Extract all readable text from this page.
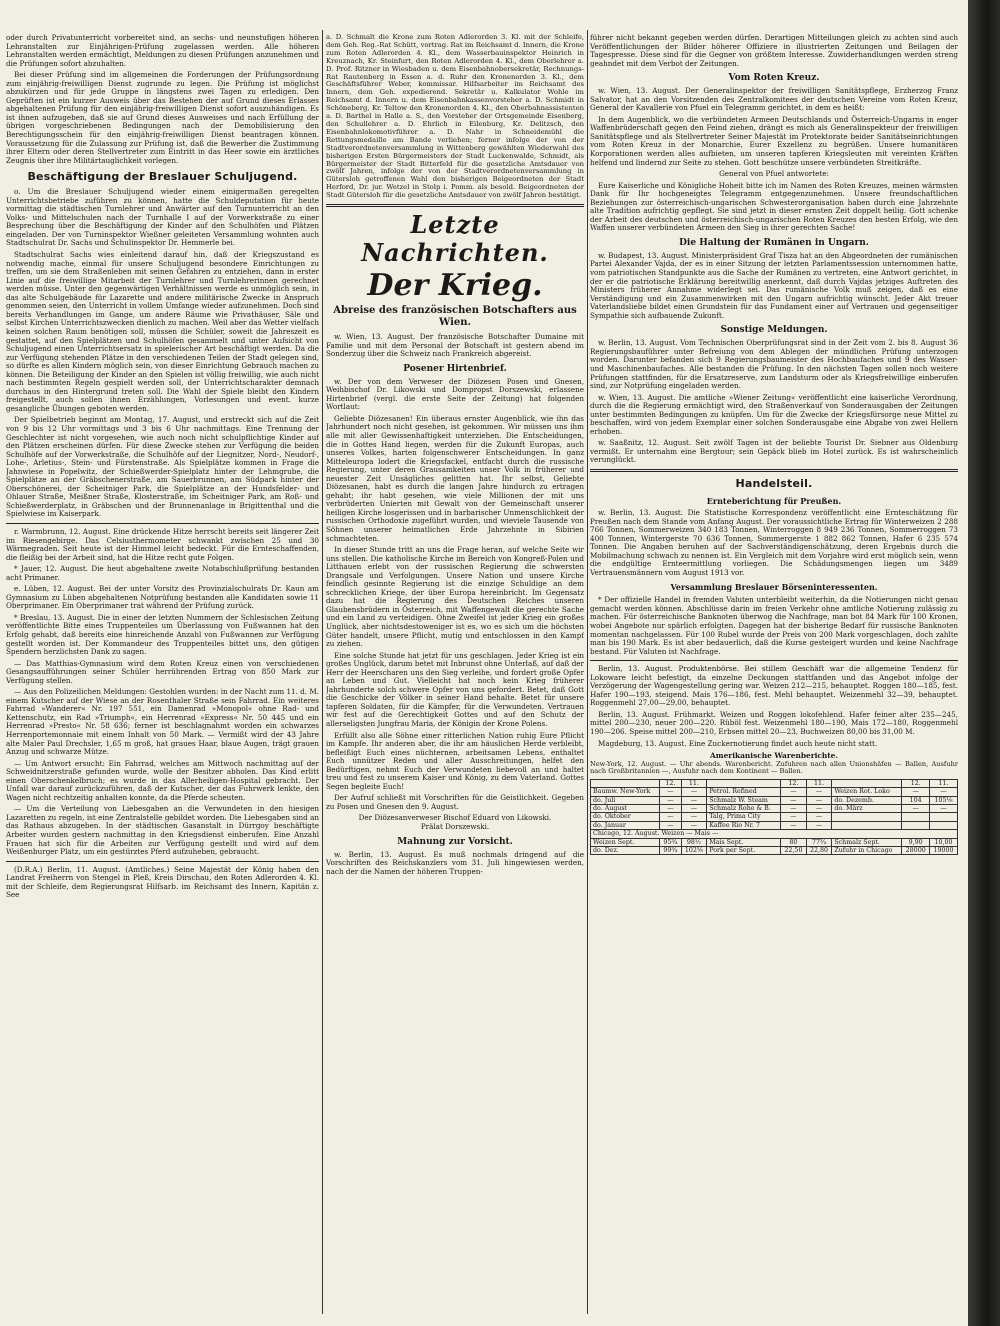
oder durch Privatunterricht vorbereitet sind, an sechs- und neunstufigen höheren Lehranstalten zur Einjährigen-Prüfung zugelassen werden. Alle höheren Lehranstalten werden ermächtigt, Meldungen zu diesen Prüfungen anzunehmen und die Prüfungen sofort abzuhalten.

Bei dieser Prüfung sind im allgemeinen die Forderungen der Prüfungsordnung zum einjährig-freiwilligen Dienst zugrunde zu legen. Die Prüfung ist möglichst abzukürzen und für jede Gruppe in längstens zwei Tagen zu erledigen. Den Geprüften ist ein kurzer Ausweis über das Bestehen der auf Grund dieses Erlasses abgehaltenen Prüfung für den einjährig-freiwilligen Dienst sofort auszuhändigen. Es ist ihnen aufzugeben, daß sie auf Grund dieses Ausweises und nach Erfüllung der übrigen vorgeschriebenen Bedingungen nach der Demobilisierung den Berechtigungsschein für den einjährig-freiwilligen Dienst beantragen können. Voraussetzung für die Zulassung zur Prüfung ist, daß die Bewerber die Zustimmung ihrer Eltern oder deren Stellvertreter zum Eintritt in das Heer sowie ein ärztliches Zeugnis über ihre Militärtauglichkeit vorlegen.

Beschäftigung der Breslauer Schuljugend.

o. Um die Breslauer Schuljugend wieder einem einigermaßen geregelten Unterrichtsbetriebe zuführen zu können, hatte die Schuldeputation für heute vormittag die städtischen Turnlehrer und Anwärter auf den Turnunterricht an den Volks- und Mittelschulen nach der Turnhalle I auf der Vorwerkstraße zu einer Besprechung über die Beschäftigung der Kinder auf den Schulhöfen und Plätzen eingeladen. Der von Turninspektor Wießner geleiteten Versammlung wohnten auch Stadtschulrat Dr. Sachs und Schulinspektor Dr. Hemmerle bei.

Stadtschulrat Sachs wies einleitend darauf hin, daß der Kriegszustand es notwendig mache, einmal für unsere Schuljugend besondere Einrichtungen zu treffen, um sie dem Straßenleben mit seinen Gefahren zu entziehen, dann in erster Linie auf die freiwillige Mitarbeit der Turnlehrer und Turnlehrerinnen gerechnet werden müsse. Unter den gegenwärtigen Verhältnissen werde es unmöglich sein, in das alte Schulgebäude für Lazarette und andere militärische Zwecke in Anspruch genommen seien, den Unterricht in vollem Umfange wieder aufzunehmen. Doch sind bereits Verhandlungen im Gange, um andere Räume wie Privathäuser, Säle und selbst Kirchen Unterrichtszwecken dienlich zu machen. Weil aber das Wetter vielfach keinen solchen Raum benötigen soll, müssen die Schüler, soweit die Jahreszeit es gestattet, auf den Spielplätzen und Schulhöfen gesammelt und unter Aufsicht von Schuljugend einen Unterrichtsersatz in spielerischer Art beschäftigt werden. Da die zur Verfügung stehenden Plätze in den verschiedenen Teilen der Stadt gelegen sind, so dürfte es allen Kindern möglich sein, von dieser Einrichtung Gebrauch machen zu können. Die Beteiligung der Kinder an den Spielen ist völlig freiwillig, wie auch nicht nach bestimmten Regeln gespielt werden soll, der Unterrichtscharakter demnach durchaus in den Hintergrund treten soll. Die Wahl der Spiele bleibt den Kindern freigestellt, auch sollen ihnen Erzählungen, Vorlesungen und event. kurze gesangliche Übungen geboten werden.

Der Spielbetrieb beginnt am Montag, 17. August, und erstreckt sich auf die Zeit von 9 bis 12 Uhr vormittags und 3 bis 6 Uhr nachmittags. Eine Trennung der Geschlechter ist nicht vorgesehen, wie auch noch nicht schulpflichtige Kinder auf den Plätzen erscheinen dürfen. Für diese Zwecke stehen zur Verfügung die beiden Schulhöfe auf der Vorwerkstraße, die Schulhöfe auf der Liegnitzer, Nord-, Neudorf-, Lohe-, Arletius-, Stein- und Fürstenstraße. Als Spielplätze kommen in Frage die Jahnwiese in Popelwitz, der Schießwerder-Spielplatz hinter der Lehmgrube, die Spielplätze an der Gräbschenerstraße, am Sauerbrunnen, am Südpark hinter der Oberschönerei, der Scheitniger Park, die Spielplätze an der Hundsfelder- und Ohlauer Straße, Meißner Straße, Klosterstraße, im Scheitniger Park, am Roß- und Schießwerderplatz, in Gräbschen und der Brunnenanlage in Brigittenthal und die Spielwiese im Kaiserpark.

r. Warmbrunn, 12. August. Eine drückende Hitze herrscht bereits seit längerer Zeit im Riesengebirge. Das Celsiusthermometer schwankt zwischen 25 und 30 Wärmegraden. Seit heute ist der Himmel leicht bedeckt. Für die Ernteschaffenden, die fleißig bei der Arbeit sind, hat die Hitze recht gute Folgen.

* Jauer, 12. August. Die heut abgehaltene zweite Notabschlußprüfung bestanden acht Primaner.

e. Lüben, 12. August. Bei der unter Vorsitz des Provinzialschulrats Dr. Kaun am Gymnasium zu Lüben abgehaltenen Notprüfung bestanden alle Kandidaten sowie 11 Oberprimaner. Ein Oberprimaner trat während der Prüfung zurück.

* Breslau, 13. August. Die in einer der letzten Nummern der Schlesischen Zeitung veröffentlichte Bitte eines Truppenteiles um Überlassung von Fußwannen hat den Erfolg gehabt, daß bereits eine hinreichende Anzahl von Fußwannen zur Verfügung gestellt worden ist. Der Kommandeur des Truppenteiles bittet uns, den gütigen Spendern herzlichsten Dank zu sagen.

— Das Matthias-Gymnasium wird dem Roten Kreuz einen von verschiedenen Gesangsaufführungen seiner Schüler herrührenden Ertrag von 850 Mark zur Verfügung stellen.

— Aus den Polizeilichen Meldungen: Gestohlen wurden: in der Nacht zum 11. d. M. einem Kutscher auf der Wiese an der Rosenthaler Straße sein Fahrrad. Ein weiteres Fahrrad »Wanderer« Nr. 197 551, ein Damenrad »Monopol« ohne Rad- und Kettenschutz, ein Rad »Triumph«, ein Herrenrad »Express« Nr. 50 445 und ein Herrenrad »Presto« Nr. 58 636; ferner ist beschlagnahmt worden ein schwarzes Herrenportemonnaie mit einem Inhalt von 50 Mark. — Vermißt wird der 43 Jahre alte Maler Paul Drechsler, 1,65 m groß, hat graues Haar, blaue Augen, trägt grauen Anzug und schwarze Mütze.

— Um Antwort ersucht: Ein Fahrrad, welches am Mittwoch nachmittag auf der Schweidnitzerstraße gefunden wurde, wolle der Besitzer abholen. Das Kind erlitt einen Oberschenkelbruch; es wurde in das Allerheiligen-Hospital gebracht. Der Unfall war darauf zurückzuführen, daß der Kutscher, der das Fuhrwerk lenkte, den Wagen nicht rechtzeitig anhalten konnte, da die Pferde scheuten.

— Um die Verteilung von Liebesgaben an die Verwundeten in den hiesigen Lazaretten zu regeln, ist eine Zentralstelle gebildet worden. Die Liebesgaben sind an das Rathaus abzugeben. In der städtischen Gasanstalt in Dürrgoy beschäftigte Arbeiter wurden gestern nachmittag in den Kriegsdienst einberufen. Eine Anzahl Frauen hat sich für die Arbeiten zur Verfügung gestellt und wird auf dem Weißenburger Platz, um ein gestürztes Pferd aufzuheben, gebraucht.

(D.R.A.) Berlin, 11. August. (Amtliches.) Seine Majestät der König haben den Landrat Freiherrn von Stengel in Pleß, Kreis Dirschau, den Roten Adlerorden 4. Kl. mit der Schleife, dem Regierungsrat Hilfsarb. im Reichsamt des Innern, Kapitän z. See

a. D. Schmalt die Krone zum Roten Adlerorden 3. Kl. mit der Schleife, dem Geh. Reg.-Rat Schütt, vortrag. Rat im Reichsamt d. Innern, die Krone zum Roten Adlerorden 4. Kl., dem Wasserbauinspektor Heinrich in Kreuznach, Kr. Steinfurt, den Roten Adlerorden 4. Kl., dem Oberlehrer a. D. Prof. Ritzner in Wiesbaden u. dem Eisenbahnobersekretär, Rechnungs-Rat Rautenberg in Essen a. d. Ruhr den Kronenorden 3. Kl., dem Geschäftsführer Weber, kommissar. Hilfsarbeiter im Reichsamt des Innern, dem Geh. expedierend. Sekretär u. Kalkulator Wohle im Reichsamt d. Innern u. dem Eisenbahnkassenvorsteher a. D. Schmidt in Schöneberg, Kr. Teltow den Kronenorden 4. Kl., den Oberbahnassistenten a. D. Barthel in Halle a. S., den Vorsteher der Ortsgemeinde Eisenberg, den Schullehrer a. D. Ehrlich in Eilenburg, Kr. Delitzsch, den Eisenbahnlokomotivführer a. D. Nahr in Schneidemühl die Rettungsmedaille am Bande verliehen; ferner infolge der von der Stadtverordnetenversammlung in Wittenberg gewählten Wiederwahl des bisherigen Ersten Bürgermeisters der Stadt Luckenwalde, Schmidt, als Bürgermeister der Stadt Bitterfeld für die gesetzliche Amtsdauer von zwölf Jahren, infolge der von der Stadtverordnetenversammlung in Gütersloh getroffenen Wahl den bisherigen Beigeordneten der Stadt Herford, Dr. jur. Wetzel in Stolp i. Pomm. als besold. Beigeordneten der Stadt Gütersloh für die gesetzliche Amtsdauer von zwölf Jahren bestätigt.

Letzte Nachrichten.
Der Krieg.
Abreise des französischen Botschafters aus Wien.

w. Wien, 13. August. Der französische Botschafter Dumaine mit Familie und mit dem Personal der Botschaft ist gestern abend im Sonderzug über die Schweiz nach Frankreich abgereist.

Posener Hirtenbrief.

w. Der von dem Verweser der Diözesen Posen und Gnesen, Weihbischof Dr. Likowski und Dompropst Dorszewski, erlassene Hirtenbrief (vergl. die erste Seite der Zeitung) hat folgenden Wortlaut:

Geliebte Diözesanen! Ein überaus ernster Augenblick, wie ihn das Jahrhundert noch nicht gesehen, ist gekommen. Wir müssen uns ihm alle mit aller Gewissenhaftigkeit unterziehen. Die Entscheidungen, die in Gottes Hand liegen, werden für die Zukunft Europas, auch unseres Volkes, harten folgenschwerer Entscheidungen. In ganz Mitteleuropa lodert die Kriegsfackel, entfacht durch die russische Regierung, unter deren Grausamkeiten unser Volk in früherer und neuester Zeit Unsägliches gelitten hat. Ihr selbst, Geliebte Diözesanen, habt es durch die langen Jahre hindurch zu ertragen gehabt; ihr habt gesehen, wie viele Millionen der mit uns verbrüderten Unierten mit Gewalt von der Gemeinschaft unserer heiligen Kirche losgerissen und in barbarischer Unmenschlichkeit der russischen Orthodoxie zugeführt wurden, und wieviele Tausende von Söhnen unserer heimatlichen Erde Jahrzehnte in Sibirien schmachteten.

In dieser Stunde tritt an uns die Frage heran, auf welche Seite wir uns stellen. Die katholische Kirche im Bereich von Kongreß-Polen und Litthauen erlebt von der russischen Regierung die schwersten Drangsale und Verfolgungen. Unsere Nation und unsere Kirche feindlich gesinnte Regierung ist die einzige Schuldige an dem schrecklichen Kriege, der über Europa hereinbricht. Im Gegensatz dazu hat die Regierung des Deutschen Reiches unseren Glaubensbrüdern in Österreich, mit Waffengewalt die gerechte Sache und ein Land zu verteidigen. Ohne Zweifel ist jeder Krieg ein großes Unglück, aber nichtsdestoweniger ist es, wo es sich um die höchsten Güter handelt, unsere Pflicht, mutig und entschlossen in den Kampf zu ziehen.

Eine solche Stunde hat jetzt für uns geschlagen. Jeder Krieg ist ein großes Unglück, darum betet mit Inbrunst ohne Unterlaß, auf daß der Herr der Heerscharen uns den Sieg verleihe, und fordert große Opfer an Leben und Gut. Vielleicht hat noch kein Krieg früherer Jahrhunderte solch schwere Opfer von uns gefordert. Betet, daß Gott die Geschicke der Völker in seiner Hand behalte. Betet für unsere tapferen Soldaten, für die Kämpfer, für die Verwundeten. Vertrauen wir fest auf die Gerechtigkeit Gottes und auf den Schutz der allerseligsten Jungfrau Maria, der Königin der Krone Polens.

Erfüllt also alle Söhne einer ritterlichen Nation ruhig Eure Pflicht im Kampfe. Ihr anderen aber, die ihr am häuslichen Herde verbleibt, befleißigt Euch eines nüchternen, arbeitsamen Lebens, enthaltet Euch unnützer Reden und aller Ausschreitungen, helfet den Bedürftigen, nehmt Euch der Verwundeten liebevoll an und haltet treu und fest zu unserem Kaiser und König, zu dem Vaterland. Gottes Segen begleite Euch!

Der Aufruf schließt mit Vorschriften für die Geistlichkeit. Gegeben zu Posen und Gnesen den 9. August.

Der Diözesanverweser Bischof Eduard von Likowski.
Prälat Dorszewski.

Mahnung zur Vorsicht.

w. Berlin, 13. August. Es muß nochmals dringend auf die Vorschriften des Reichskanzlers vom 31. Juli hingewiesen werden, nach der die Namen der höheren Truppen-

führer nicht bekannt gegeben werden dürfen. Derartigen Mitteilungen gleich zu achten sind auch Veröffentlichungen der Bilder höherer Offiziere in illustrierten Zeitungen und Beilagen der Tagespresse. Diese sind für die Gegner von größtem Interesse. Zuwiderhandlungen werden streng geahndet mit dem Verbot der Zeitungen.

Vom Roten Kreuz.

w. Wien, 13. August. Der Generalinspektor der freiwilligen Sanitätspflege, Erzherzog Franz Salvator, hat an den Vorsitzenden des Zentralkomitees der deutschen Vereine vom Roten Kreuz, General der Kavallerie von Pfuel ein Telegramm gerichtet, in dem es heißt:

In dem Augenblick, wo die verbündeten Armeen Deutschlands und Österreich-Ungarns in enger Waffenbrüderschaft gegen den Feind ziehen, drängt es mich als Generalinspekteur der freiwilligen Sanitätspflege und als Stellvertreter Seiner Majestät im Protektorate beider Sanitätseinrichtungen vom Roten Kreuz in der Monarchie, Eurer Exzellenz zu begrüßen. Unsere humanitären Korporationen werden alles aufbieten, um unseren tapferen Kriegsleuten mit vereinten Kräften helfend und lindernd zur Seite zu stehen. Gott beschütze unsere verbündeten Streitkräfte.

General von Pfuel antwortete:

Eure Kaiserliche und Königliche Hoheit bitte ich im Namen des Roten Kreuzes, meinen wärmsten Dank für Ihr hochgeneigtes Telegramm entgegenzunehmen. Unsere freundschaftlichen Beziehungen zur österreichisch-ungarischen Schwesterorganisation haben durch eine Jahrzehnte alte Tradition aufrichtig gepflegt. Sie sind jetzt in dieser ernsten Zeit doppelt heilig. Gott schenke der Arbeit des deutschen und österreichisch-ungarischen Roten Kreuzes den besten Erfolg, wie den Waffen unserer verbündeten Armeen den Sieg in ihrer gerechten Sache!

Die Haltung der Rumänen in Ungarn.

w. Budapest, 13. August. Ministerpräsident Graf Tisza hat an den Abgeordneten der rumänischen Partei Alexander Vajda, der es in einer Sitzung der letzten Parlamentssession unternommen hatte, vom patriotischen Standpunkte aus die Sache der Rumänen zu vertreten, eine Antwort gerichtet, in der er die patriotische Erklärung bereitwillig anerkennt, daß durch Vajdas jetziges Auftreten des Ministers früherer Annahme widerlegt sei. Das rumänische Volk muß zeigen, daß es eine Verständigung und ein Zusammenwirken mit den Ungarn aufrichtig wünscht. Jeder Akt treuer Vaterlandsliebe bildet einen Grundstein für das Fundament einer auf Vertrauen und gegenseitiger Sympathie sich aufbauende Zukunft.

Sonstige Meldungen.

w. Berlin, 13. August. Vom Technischen Oberprüfungsrat sind in der Zeit vom 2. bis 8. August 36 Regierungsbauführer unter Befreiung von dem Ablegen der mündlichen Prüfung unterzogen worden. Darunter befanden sich 9 Regierungsbaumeister des Hochbaufaches und 9 des Wasser- und Maschinenbaufaches. Alle bestanden die Prüfung. In den nächsten Tagen sollen noch weitere Prüfungen stattfinden, für die Ersatzreserve, zum Landsturm oder als Kriegsfreiwillige einberufen sind, zur Notprüfung eingeladen werden.

w. Wien, 13. August. Die amtliche »Wiener Zeitung« veröffentlicht eine kaiserliche Verordnung, durch die die Regierung ermächtigt wird, den Straßenverkauf von Sonderausgaben der Zeitungen unter bestimmten Bedingungen zu knüpfen. Um für die Zwecke der Kriegsfürsorge neue Mittel zu beschaffen, wird von jedem Exemplar einer solchen Sonderausgabe eine Abgabe von zwei Hellern erhoben.

w. Saaßnitz, 12. August. Seit zwölf Tagen ist der beliebte Tourist Dr. Siebner aus Oldenburg vermißt. Er unternahm eine Bergtour; sein Gepäck blieb im Hotel zurück. Es ist wahrscheinlich verunglückt.

Handelsteil.
Ernteberichtung für Preußen.

w. Berlin, 13. August. Die Statistische Korrespondenz veröffentlicht eine Ernteschätzung für Preußen nach dem Stande vom Anfang August. Der voraussichtliche Ertrag für Winterweizen 2 288 766 Tonnen, Sommerweizen 340 183 Tonnen, Winterroggen 8 949 236 Tonnen, Sommerroggen 73 400 Tonnen, Wintergerste 70 636 Tonnen, Sommergerste 1 882 862 Tonnen, Hafer 6 235 574 Tonnen. Die Angaben beruhen auf der Sachverständigenschätzung, deren Ergebnis durch die Mobilmachung schwach zu nennen ist. Ein Vergleich mit dem Vorjahre wird erst möglich sein, wenn die endgültige Ernteermittlung vorliegen. Die Schädungsmengen liegen um 3489 Vertrauensmännern vom August 1913 vor.

Versammlung Breslauer Börseninteressenten.

* Der offizielle Handel in fremden Valuten unterbleibt weiterhin, da die Notierungen nicht genau gemacht werden können. Abschlüsse darin im freien Verkehr ohne amtliche Notierung zulässig zu machen. Für österreichische Banknoten überwog die Nachfrage, man bot 84 Mark für 100 Kronen, wobei Angebote nur spärlich erfolgten. Dagegen hat der bisherige Bedarf für russische Banknoten momentan nachgelassen. Für 100 Rubel wurde der Preis von 200 Mark vorgeschlagen, doch zahlte man bis 190 Mark. Es ist aber bedauerlich, daß die Kurse gesteigert wurden und keine Nachfrage bestand. Für Valuten ist Nachfrage.

Berlin, 13. August. Produktenbörse. Bei stillem Geschäft war die allgemeine Tendenz für Lokoware leicht befestigt, da einzelne Deckungen stattfanden und das Angebot infolge der Verzögerung der Wagengestellung gering war. Weizen 212—215, behauptet. Roggen 180—185, fest. Hafer 190—193, steigend. Mais 176—186, fest. Mehl behauptet. Weizenmehl 32—39, behauptet. Roggenmehl 27,00—29,00, behauptet.

Berlin, 13. August. Frühmarkt. Weizen und Roggen lokofehlend. Hafer feiner alter 235—245, mittel 200—230, neuer 200—220. Rüböl fest. Weizenmehl 180—190, Mais 172—180, Roggenmehl 190—206. Speise mittel 200—210, Erbsen mittel 20—23, Buchweizen 80,00 bis 31,00 M.

Magdeburg, 13. August. Eine Zuckernotierung findet auch heute nicht statt.

Amerikanische Warenberichte.

New-York, 12. August. — Uhr abends. Warenbericht. Zufuhren nach allen Unionshäfen — Ballen, Ausfuhr nach Großbritannien —, Ausfuhr nach dem Kontinent — Ballen.

	12.	11.		12.	11.		12.	11.
Baumw. New-York	—	—	Petrol. Refined	—	—	Weizen Rot. Loko	—	—
do. Juli	—	—	Schmalz W. Steam	—	—	do. Dezemb.	104	105⅛
do. August	—	—	Schmalz Rohe & B.	—	—	do. März	—	—
do. Oktober	—	—	Talg, Prima City	—	—			
do. Januar	—	—	Kaffee Rio Nr. 7	—	—			
Chicago, 12. August. Weizen — Mais —								
Weizen Sept.	95¾	98½	Mais Sept.	80	77¾	Schmalz Sept.	9,90	10,00
do. Dez.	99¾	102⅝	Pork per Sept.	22,50	22,80	Zufuhr in Chicago	28000	19000
